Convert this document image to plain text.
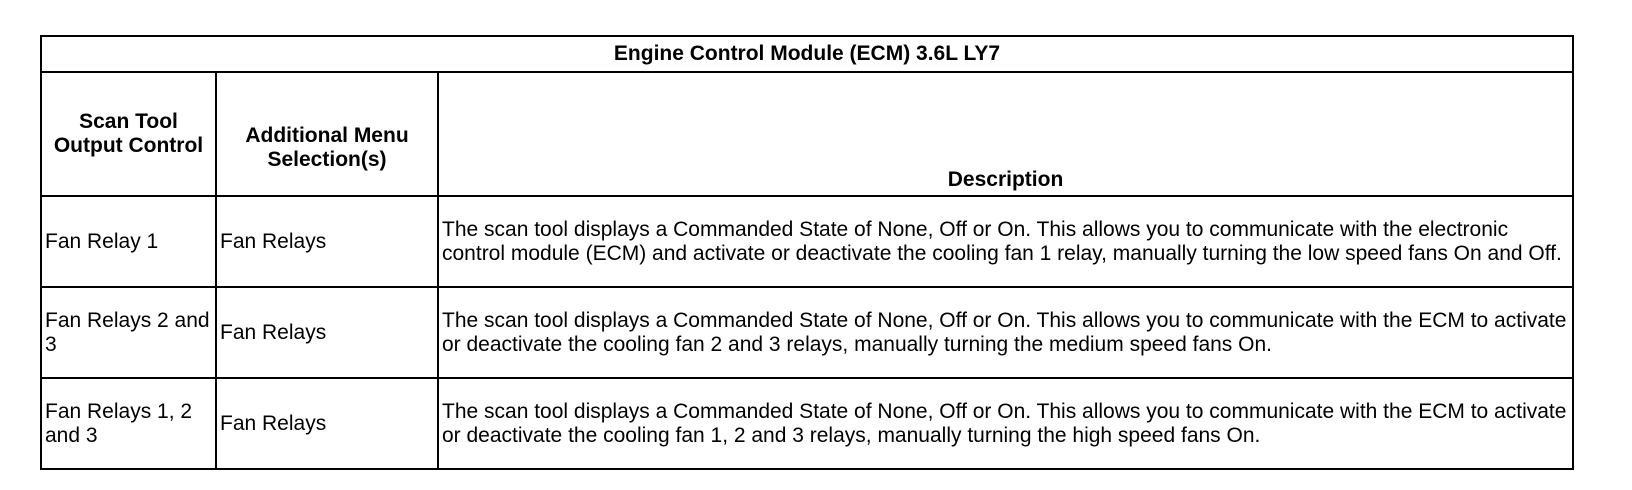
Engine Control Module (ECM) 3.6L LY7		
Scan Tool Output Control	Additional Menu Selection(s)	Description
Fan Relay 1	Fan Relays	The scan tool displays a Commanded State of None, Off or On. This allows you to communicate with the electronic control module (ECM) and activate or deactivate the cooling fan 1 relay, manually turning the low speed fans On and Off.
Fan Relays 2 and 3	Fan Relays	The scan tool displays a Commanded State of None, Off or On. This allows you to communicate with the ECM to activate or deactivate the cooling fan 2 and 3 relays, manually turning the medium speed fans On.
Fan Relays 1, 2 and 3	Fan Relays	The scan tool displays a Commanded State of None, Off or On. This allows you to communicate with the ECM to activate or deactivate the cooling fan 1, 2 and 3 relays, manually turning the high speed fans On.
